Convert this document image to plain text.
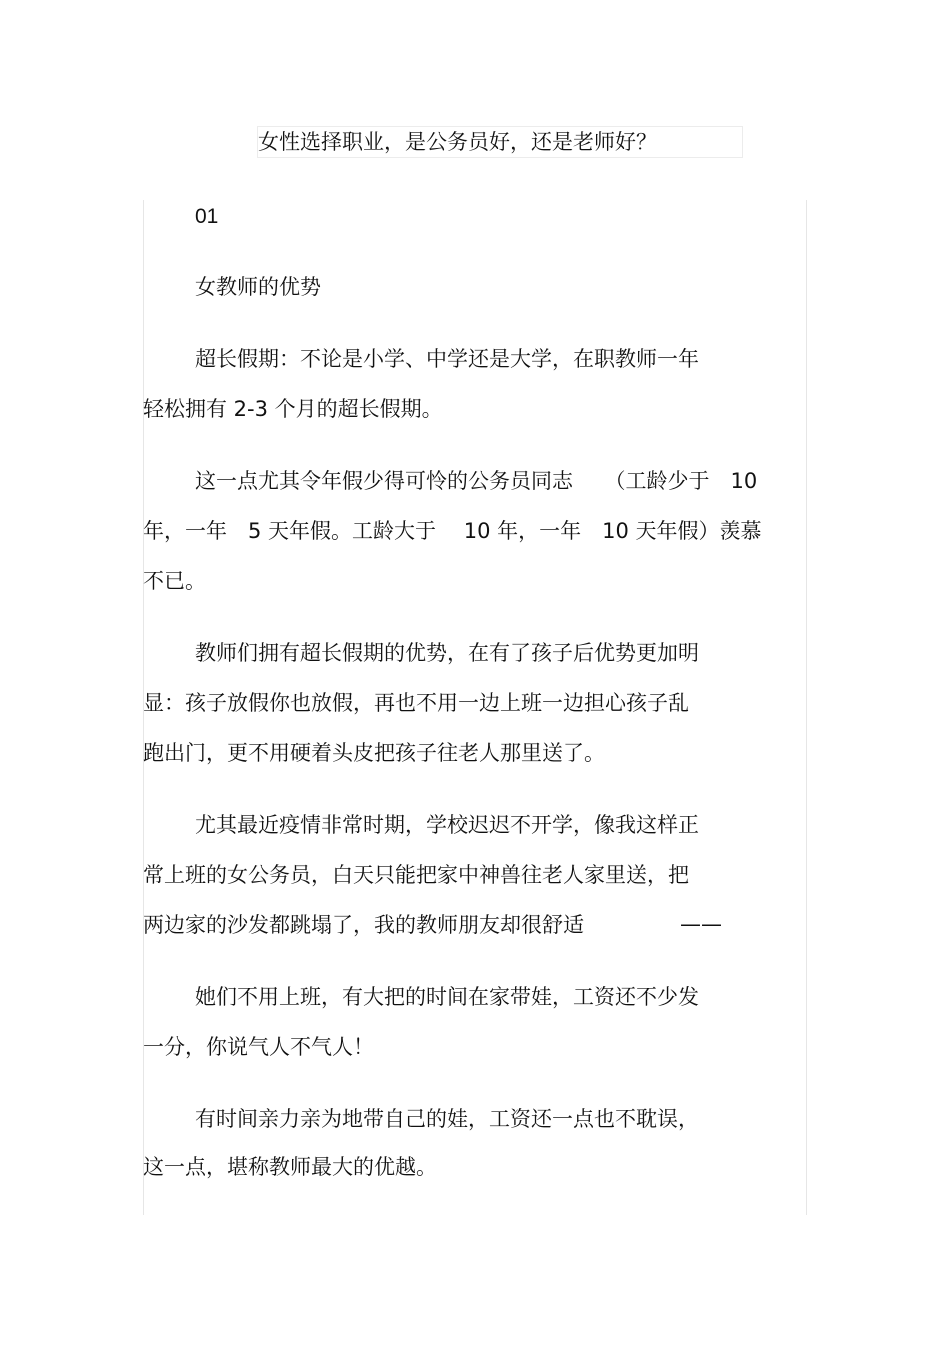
女性选择职业，是公务员好，还是老师好？
01
女教师的优势
超长假期：不论是小学、中学还是大学，在职教师一年
轻松拥有 2-3 个月的超长假期。
这一点尤其令年假少得可怜的公务员同志　　（工龄少于　10
年，一年　5 天年假。工龄大于　 10 年，一年　10 天年假）羡慕
不已。
教师们拥有超长假期的优势，在有了孩子后优势更加明
显：孩子放假你也放假，再也不用一边上班一边担心孩子乱
跑出门，更不用硬着头皮把孩子往老人那里送了。
尤其最近疫情非常时期，学校迟迟不开学，像我这样正
常上班的女公务员，白天只能把家中神兽往老人家里送，把
两边家的沙发都跳塌了，我的教师朋友却很舒适	——
她们不用上班，有大把的时间在家带娃，工资还不少发
一分，你说气人不气人！
有时间亲力亲为地带自己的娃，工资还一点也不耽误，
这一点，堪称教师最大的优越。
